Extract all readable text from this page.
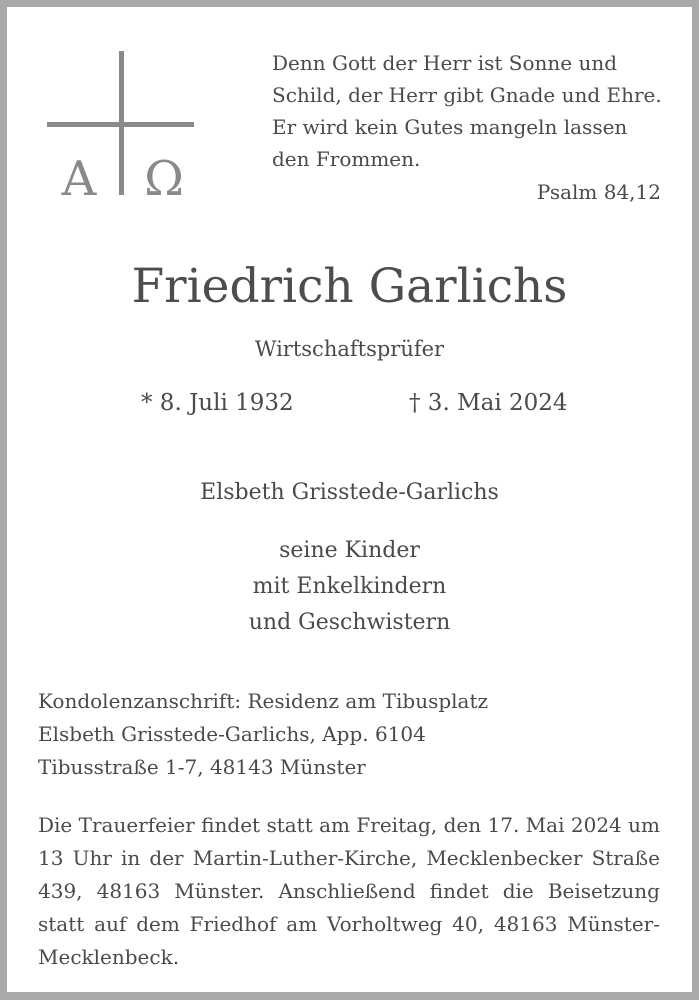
Α Ω
Denn Gott der Herr ist Sonne und
Schild, der Herr gibt Gnade und Ehre.
Er wird kein Gutes mangeln lassen
den Frommen.
Psalm 84,12
Friedrich Garlichs
Wirtschaftsprüfer
* 8. Juli 1932	† 3. Mai 2024
Elsbeth Grisstede-Garlichs
seine Kinder
mit Enkelkindern
und Geschwistern
Kondolenzanschrift: Residenz am Tibusplatz
Elsbeth Grisstede-Garlichs, App. 6104
Tibusstraße 1-7, 48143 Münster
Die Trauerfeier findet statt am Freitag, den 17. Mai 2024 um 13 Uhr in der Martin-Luther-Kirche, Mecklenbecker Straße 439, 48163 Münster. Anschließend findet die Beisetzung statt auf dem Friedhof am Vorholtweg 40, 48163 Münster-Mecklenbeck.
